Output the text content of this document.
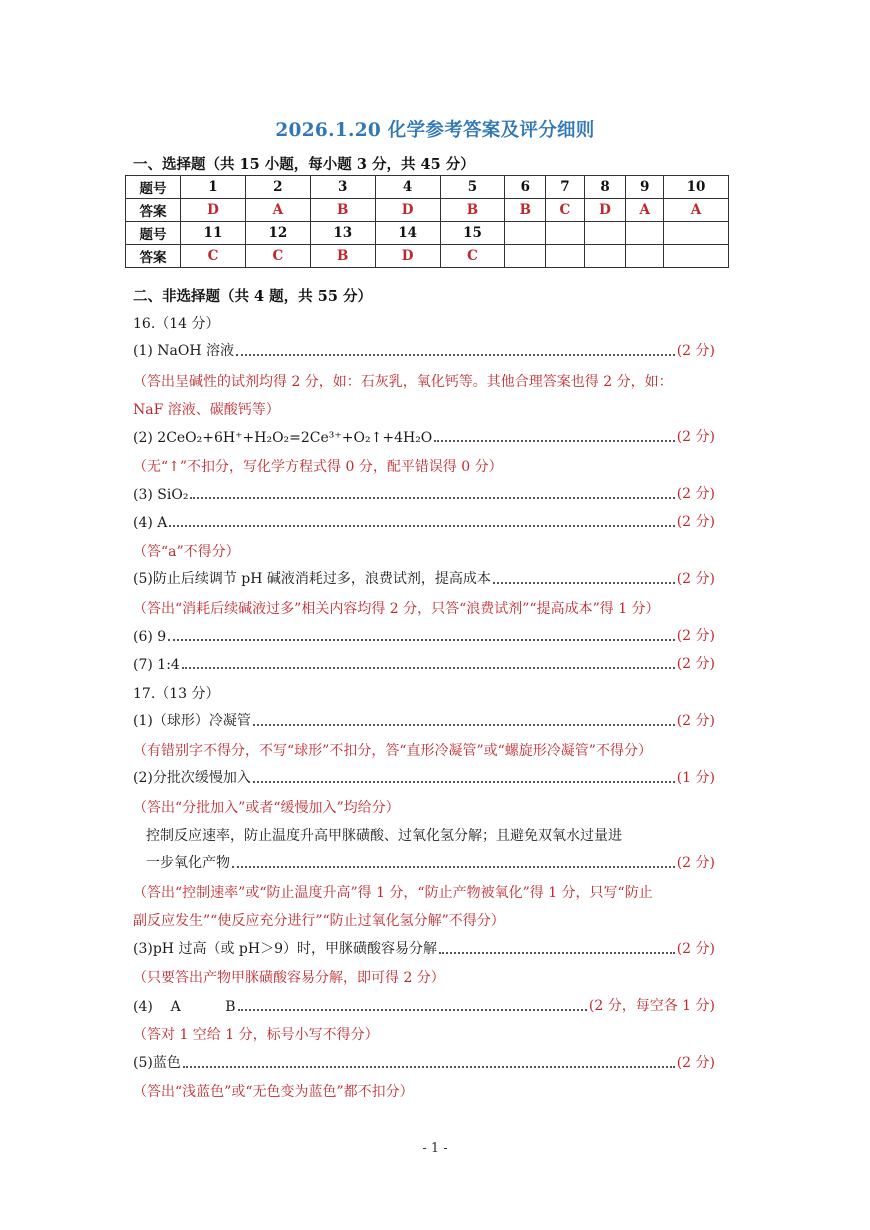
2026.1.20 化学参考答案及评分细则
一、选择题（共 15 小题，每小题 3 分，共 45 分）
题号	1	2	3	4	5	6	7	8	9	10
答案	D	A	B	D	B	B	C	D	A	A
题号	11	12	13	14	15					
答案	C	C	B	D	C					
二、非选择题（共 4 题，共 55 分）
16.（14 分）
(1) NaOH 溶液	(2 分)
（答出呈碱性的试剂均得 2 分，如：石灰乳，氧化钙等。其他合理答案也得 2 分，如：
NaF 溶液、碳酸钙等）
(2) 2CeO₂+6H⁺+H₂O₂=2Ce³⁺+O₂↑+4H₂O	(2 分)
（无“↑”不扣分，写化学方程式得 0 分，配平错误得 0 分）
(3) SiO₂	(2 分)
(4) A	(2 分)
（答“a”不得分）
(5)防止后续调节 pH 碱液消耗过多，浪费试剂，提高成本	(2 分)
（答出“消耗后续碱液过多”相关内容均得 2 分，只答“浪费试剂”“提高成本”得 1 分）
(6) 9	(2 分)
(7) 1:4	(2 分)
17.（13 分）
(1)（球形）冷凝管	(2 分)
（有错别字不得分，不写“球形”不扣分，答“直形冷凝管”或“螺旋形冷凝管”不得分）
(2)分批次缓慢加入	(1 分)
（答出“分批加入”或者“缓慢加入”均给分）
控制反应速率，防止温度升高甲脒磺酸、过氧化氢分解；且避免双氧水过量进
一步氧化产物	(2 分)
（答出“控制速率”或“防止温度升高”得 1 分，“防止产物被氧化”得 1 分，只写“防止
副反应发生”“使反应充分进行”“防止过氧化氢分解”不得分）
(3)pH 过高（或 pH＞9）时，甲脒磺酸容易分解	(2 分)
（只要答出产物甲脒磺酸容易分解，即可得 2 分）
(4)    A          B	(2 分，每空各 1 分)
（答对 1 空给 1 分，标号小写不得分）
(5)蓝色	(2 分)
（答出“浅蓝色”或“无色变为蓝色”都不扣分）
- 1 -
